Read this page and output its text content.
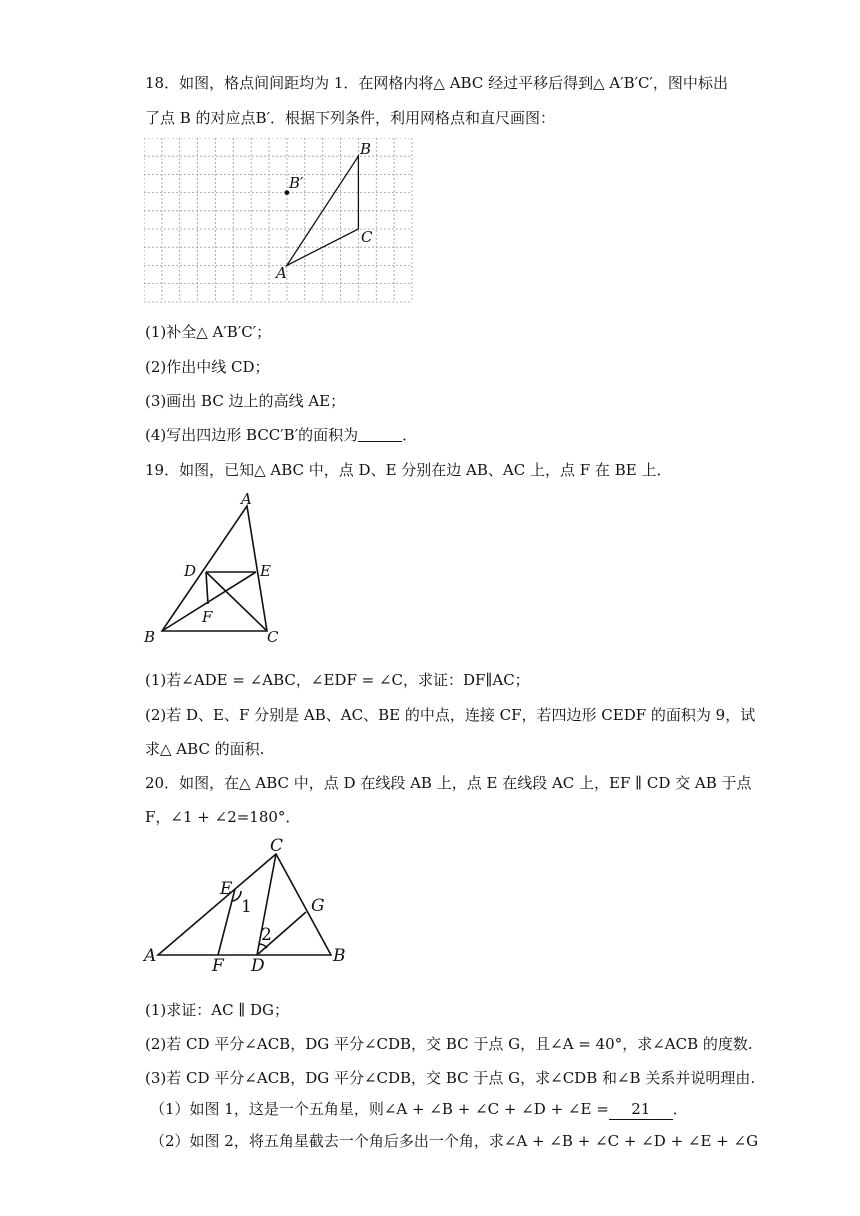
18．如图，格点间间距均为 1．在网格内将△ ABC 经过平移后得到△ A′B′C′，图中标出
了点 B 的对应点B′．根据下列条件，利用网格点和直尺画图：
B
B′
C
A
(1)补全△ A′B′C′；
(2)作出中线 CD；
(3)画出 BC 边上的高线 AE；
(4)写出四边形 BCC′B′的面积为	．
19．如图，已知△ ABC 中，点 D、E 分别在边 AB、AC 上，点 F 在 BE 上．
A
D	E
F
B	C
(1)若∠ADE = ∠ABC，∠EDF = ∠C，求证：DF∥AC；
(2)若 D、E、F 分别是 AB、AC、BE 的中点，连接 CF，若四边形 CEDF 的面积为 9，试
求△ ABC 的面积.
20．如图，在△ ABC 中，点 D 在线段 AB 上，点 E 在线段 AC 上，EF ∥ CD 交 AB 于点
F，∠1 + ∠2=180°．
C
E
1	G
2
A	F D	B
(1)求证：AC ∥ DG；
(2)若 CD 平分∠ACB，DG 平分∠CDB，交 BC 于点 G，且∠A = 40°，求∠ACB 的度数.
(3)若 CD 平分∠ACB，DG 平分∠CDB，交 BC 于点 G，求∠CDB 和∠B 关系并说明理由.
（1）如图 1，这是一个五角星，则∠A + ∠B + ∠C + ∠D + ∠E = 21 ．
（2）如图 2，将五角星截去一个角后多出一个角，求∠A + ∠B + ∠C + ∠D + ∠E + ∠G
